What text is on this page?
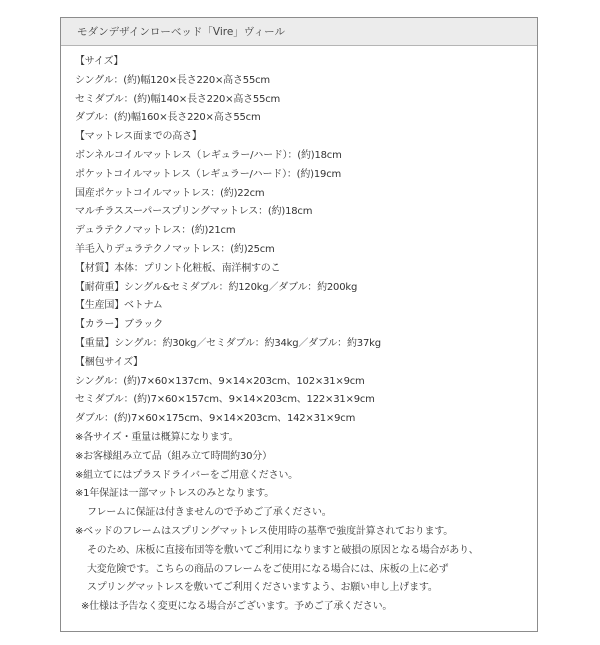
モダンデザインローベッド「Vire」ヴィール
【サイズ】
シングル：(約)幅120×長さ220×高さ55cm
セミダブル：(約)幅140×長さ220×高さ55cm
ダブル：(約)幅160×長さ220×高さ55cm
【マットレス面までの高さ】
ボンネルコイルマットレス（レギュラー/ハード）：(約)18cm
ポケットコイルマットレス（レギュラー/ハード）：(約)19cm
国産ポケットコイルマットレス：(約)22cm
マルチラススーパースプリングマットレス：(約)18cm
デュラテクノマットレス：(約)21cm
羊毛入りデュラテクノマットレス：(約)25cm
【材質】本体：プリント化粧板、南洋桐すのこ
【耐荷重】シングル&セミダブル：約120kg／ダブル：約200kg
【生産国】ベトナム
【カラー】ブラック
【重量】シングル：約30kg／セミダブル：約34kg／ダブル：約37kg
【梱包サイズ】
シングル：(約)7×60×137cm、9×14×203cm、102×31×9cm
セミダブル：(約)7×60×157cm、9×14×203cm、122×31×9cm
ダブル：(約)7×60×175cm、9×14×203cm、142×31×9cm
※各サイズ・重量は概算になります。
※お客様組み立て品（組み立て時間約30分）
※組立てにはプラスドライバーをご用意ください。
※1年保証は一部マットレスのみとなります。
フレームに保証は付きませんので予めご了承ください。
※ベッドのフレームはスプリングマットレス使用時の基準で強度計算されております。
そのため、床板に直接布団等を敷いてご利用になりますと破損の原因となる場合があり、
大変危険です。こちらの商品のフレームをご使用になる場合には、床板の上に必ず
スプリングマットレスを敷いてご利用くださいますよう、お願い申し上げます。
※仕様は予告なく変更になる場合がございます。予めご了承ください。
